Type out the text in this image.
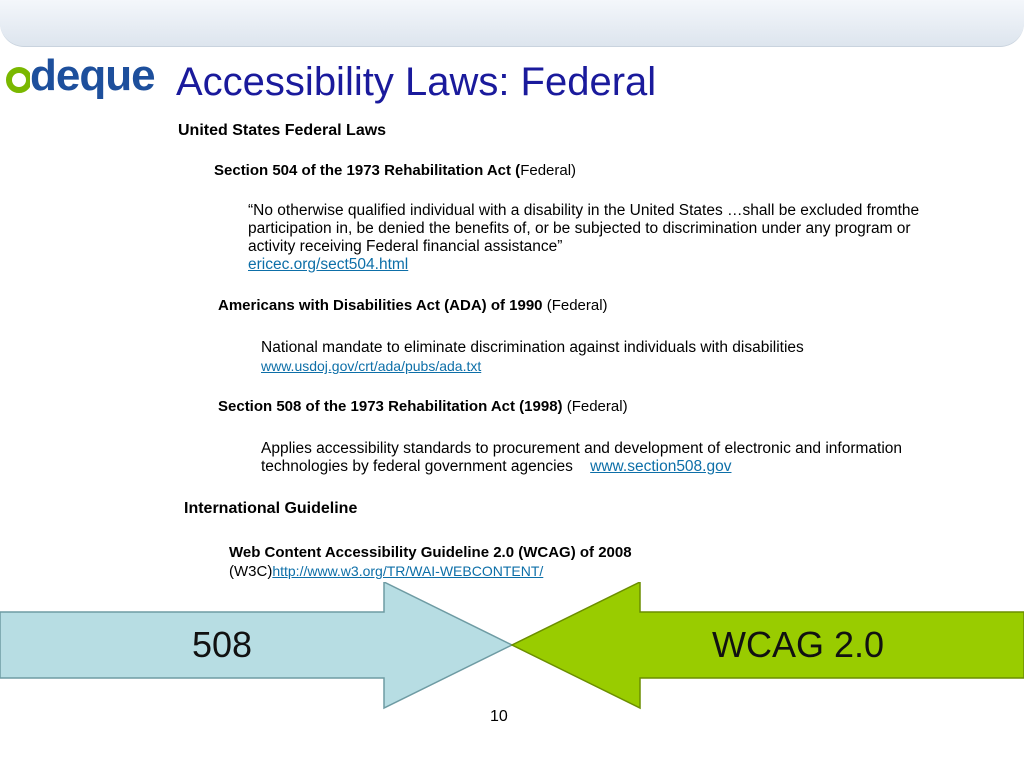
deque Accessibility Laws: Federal

United States Federal Laws

Section 504 of the 1973 Rehabilitation Act (Federal)

“No otherwise qualified individual with a disability in the United States …shall be excluded fromthe participation in, be denied the benefits of, or be subjected to discrimination under any program or activity receiving Federal financial assistance”
ericec.org/sect504.html

Americans with Disabilities Act (ADA) of 1990 (Federal)

National mandate to eliminate discrimination against individuals with disabilities
www.usdoj.gov/crt/ada/pubs/ada.txt

Section 508 of the 1973 Rehabilitation Act (1998) (Federal)

Applies accessibility standards to procurement and development of electronic and information technologies by federal government agencies www.section508.gov

International Guideline

Web Content Accessibility Guideline 2.0 (WCAG) of 2008
(W3C)http://www.w3.org/TR/WAI-WEBCONTENT/

508	WCAG 2.0

10
